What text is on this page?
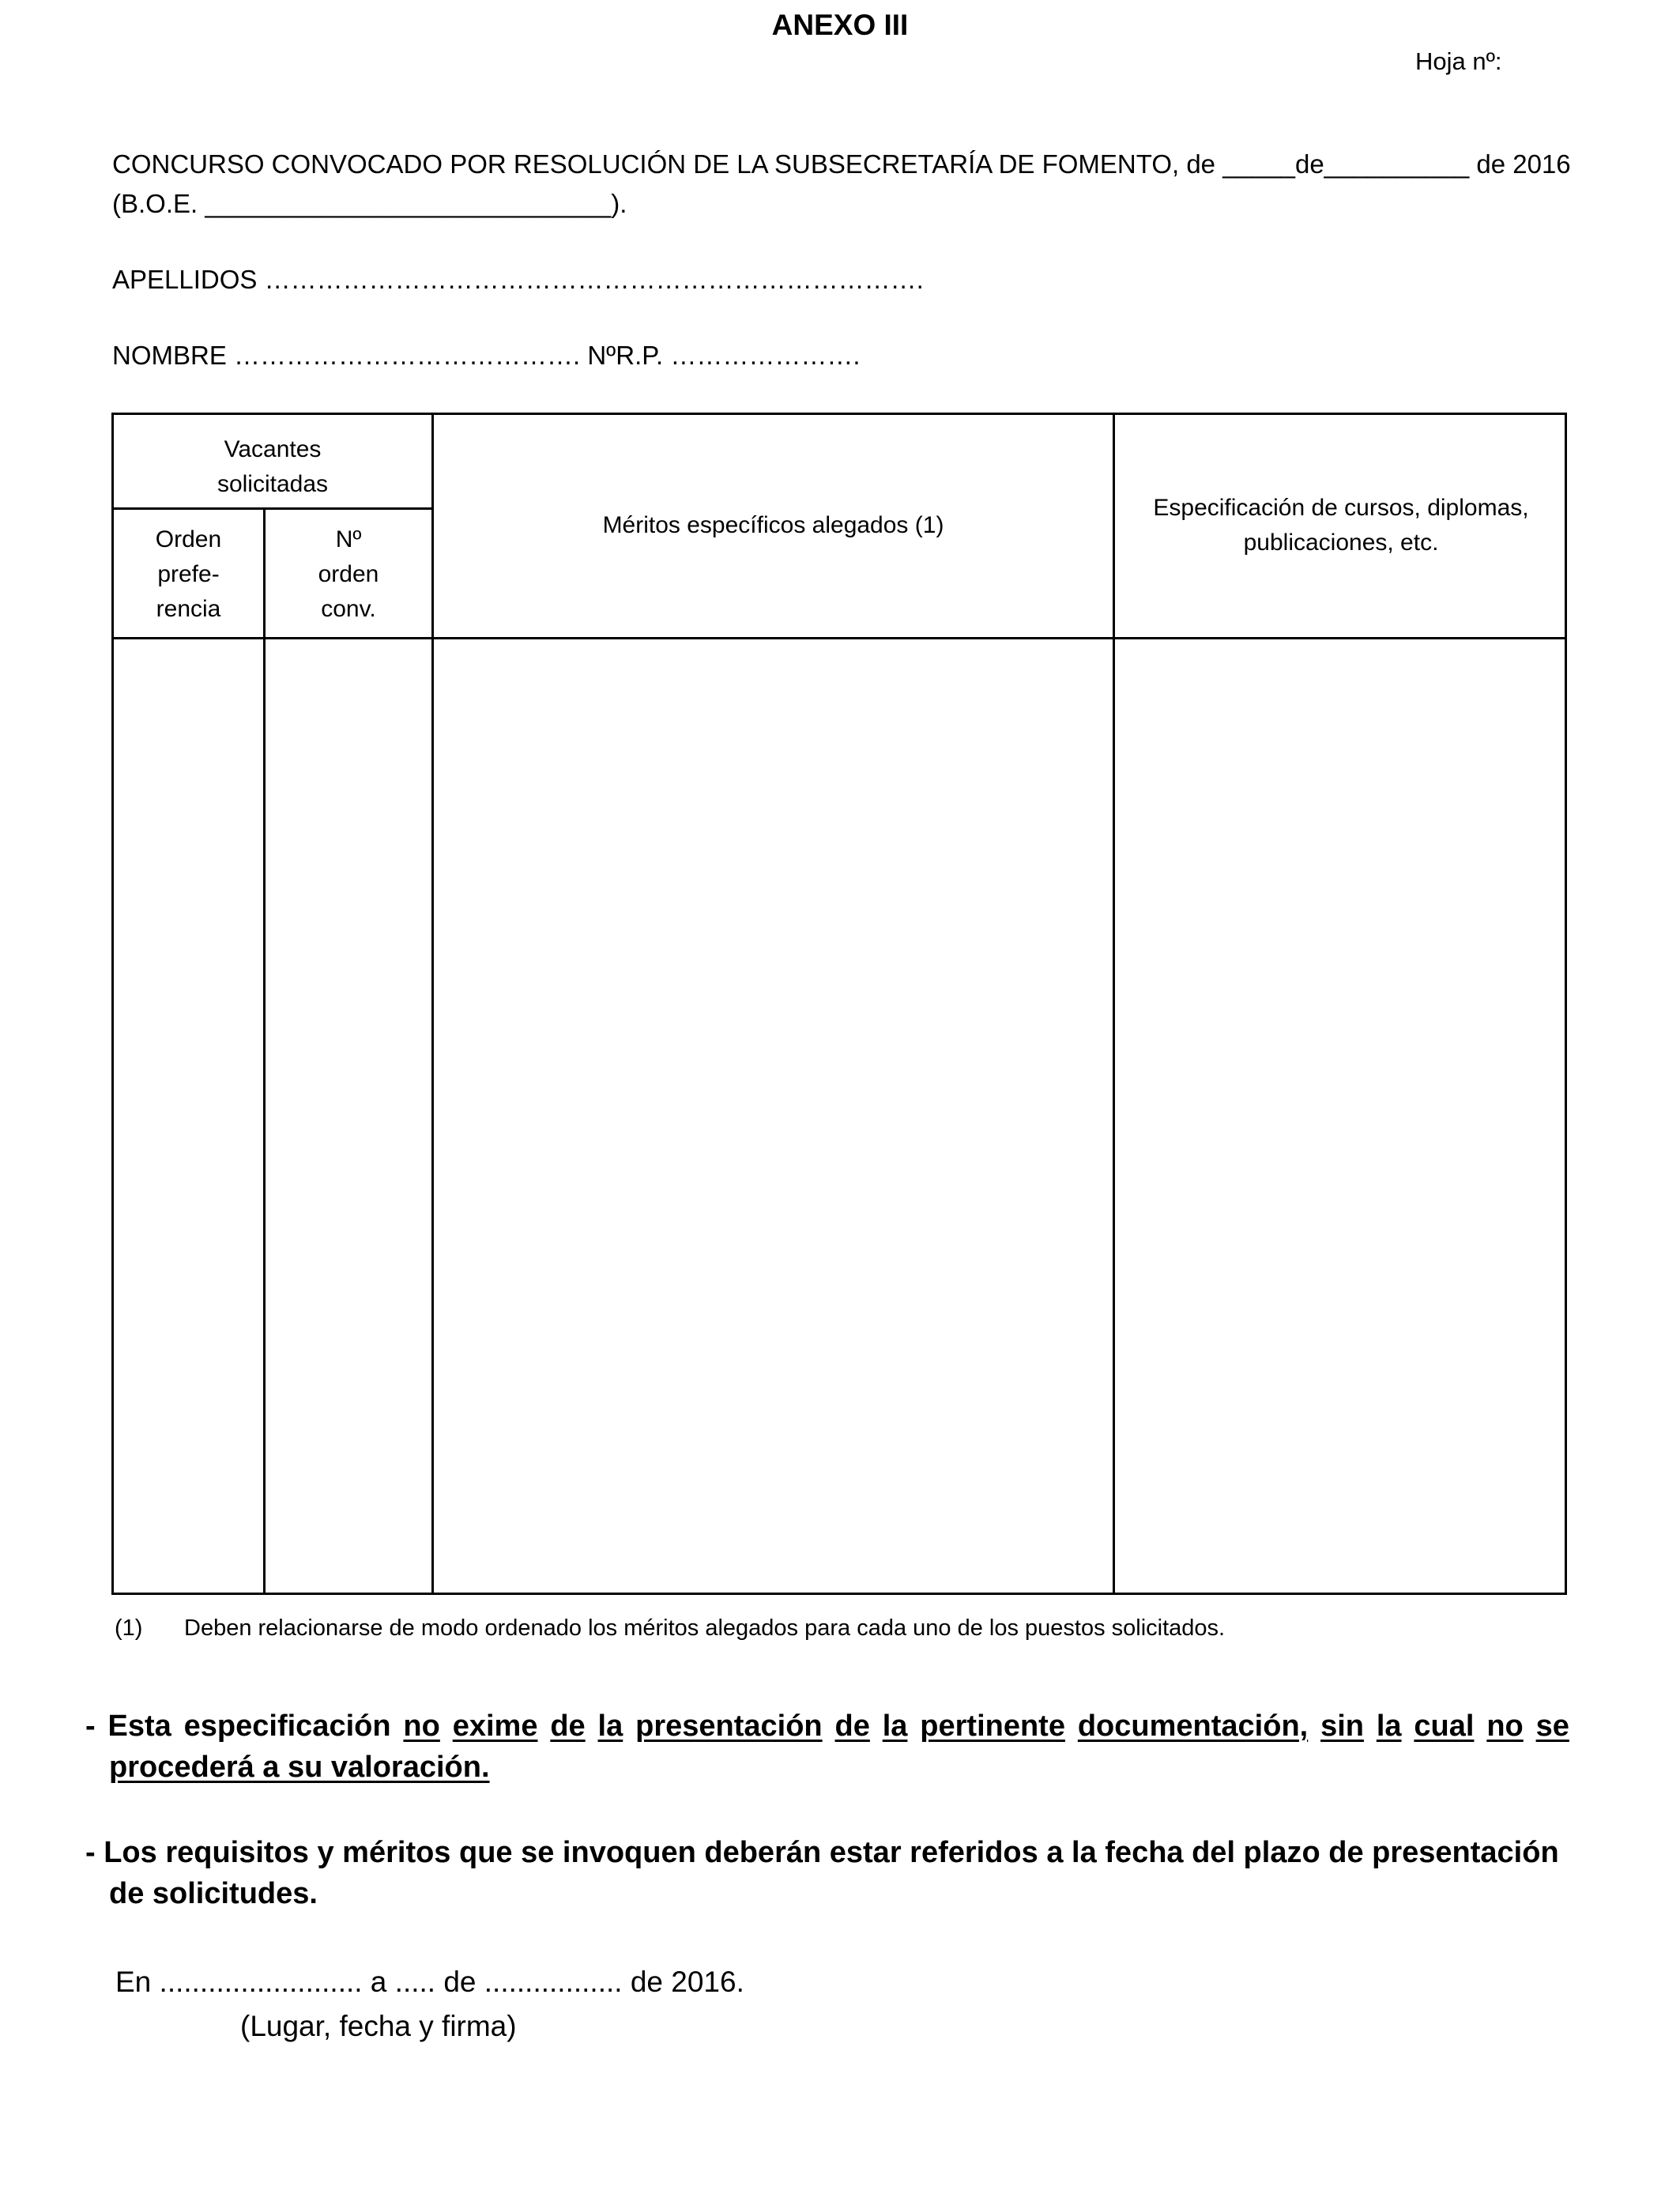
ANEXO III
Hoja nº:
CONCURSO CONVOCADO POR RESOLUCIÓN DE LA SUBSECRETARÍA DE FOMENTO, de _____de__________ de 2016
(B.O.E. ____________________________).
APELLIDOS ………………………………………………………………….
NOMBRE …………………………………. NºR.P. ………………….
Vacantes
solicitadas
Orden
prefe-
rencia
Nº
orden
conv.
Méritos específicos alegados (1)
Especificación de cursos, diplomas,
publicaciones, etc.
(1) Deben relacionarse de modo ordenado los méritos alegados para cada uno de los puestos solicitados.
- Esta especificación no exime de la presentación de la pertinente documentación, sin la cual no se
procederá a su valoración.
- Los requisitos y méritos que se invoquen deberán estar referidos a la fecha del plazo de presentación
de solicitudes.
En ......................... a ..... de ................. de 2016.
(Lugar, fecha y firma)
